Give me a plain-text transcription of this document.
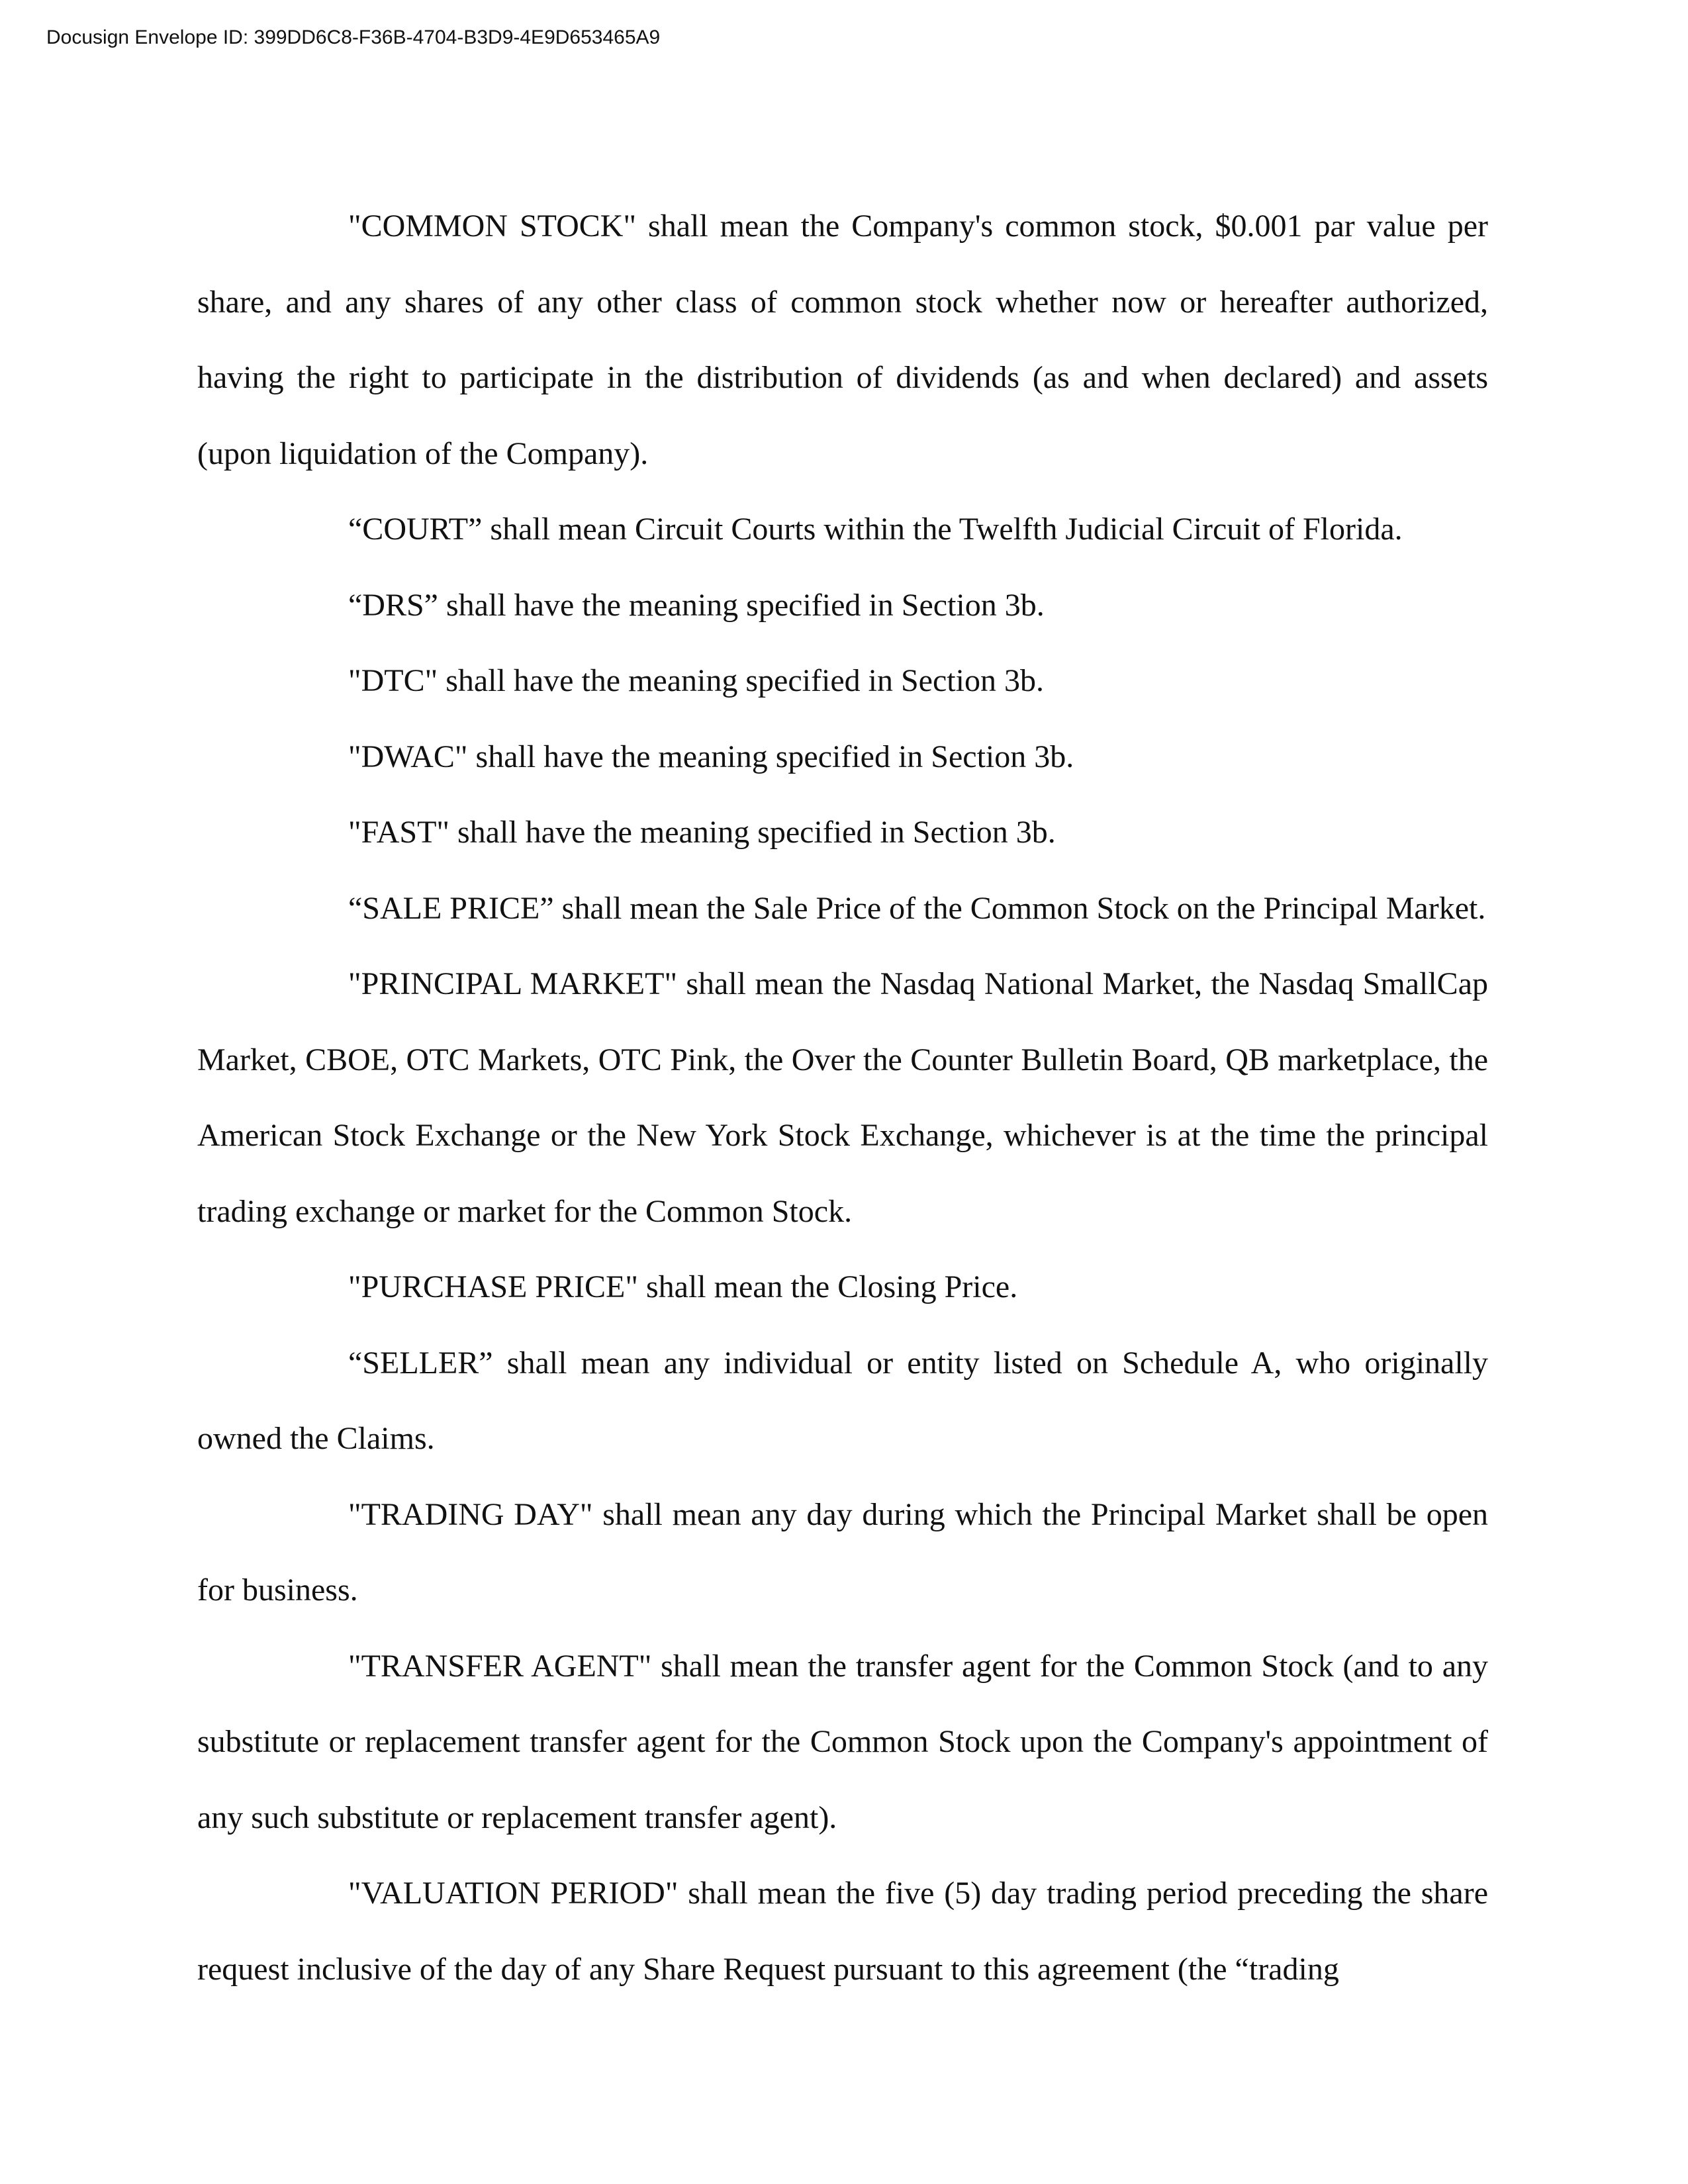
Docusign Envelope ID: 399DD6C8-F36B-4704-B3D9-4E9D653465A9

"COMMON STOCK" shall mean the Company's common stock, $0.001 par value per share, and any shares of any other class of common stock whether now or hereafter authorized, having the right to participate in the distribution of dividends (as and when declared) and assets (upon liquidation of the Company).

“COURT” shall mean Circuit Courts within the Twelfth Judicial Circuit of Florida.

“DRS” shall have the meaning specified in Section 3b.

"DTC" shall have the meaning specified in Section 3b.

"DWAC" shall have the meaning specified in Section 3b.

"FAST" shall have the meaning specified in Section 3b.

“SALE PRICE” shall mean the Sale Price of the Common Stock on the Principal Market.

"PRINCIPAL MARKET" shall mean the Nasdaq National Market, the Nasdaq SmallCap Market, CBOE, OTC Markets, OTC Pink, the Over the Counter Bulletin Board, QB marketplace, the American Stock Exchange or the New York Stock Exchange, whichever is at the time the principal trading exchange or market for the Common Stock.

"PURCHASE PRICE" shall mean the Closing Price.

“SELLER” shall mean any individual or entity listed on Schedule A, who originally owned the Claims.

"TRADING DAY" shall mean any day during which the Principal Market shall be open for business.

"TRANSFER AGENT" shall mean the transfer agent for the Common Stock (and to any substitute or replacement transfer agent for the Common Stock upon the Company's appointment of any such substitute or replacement transfer agent).

"VALUATION PERIOD" shall mean the five (5) day trading period preceding the share request inclusive of the day of any Share Request pursuant to this agreement (the “trading
